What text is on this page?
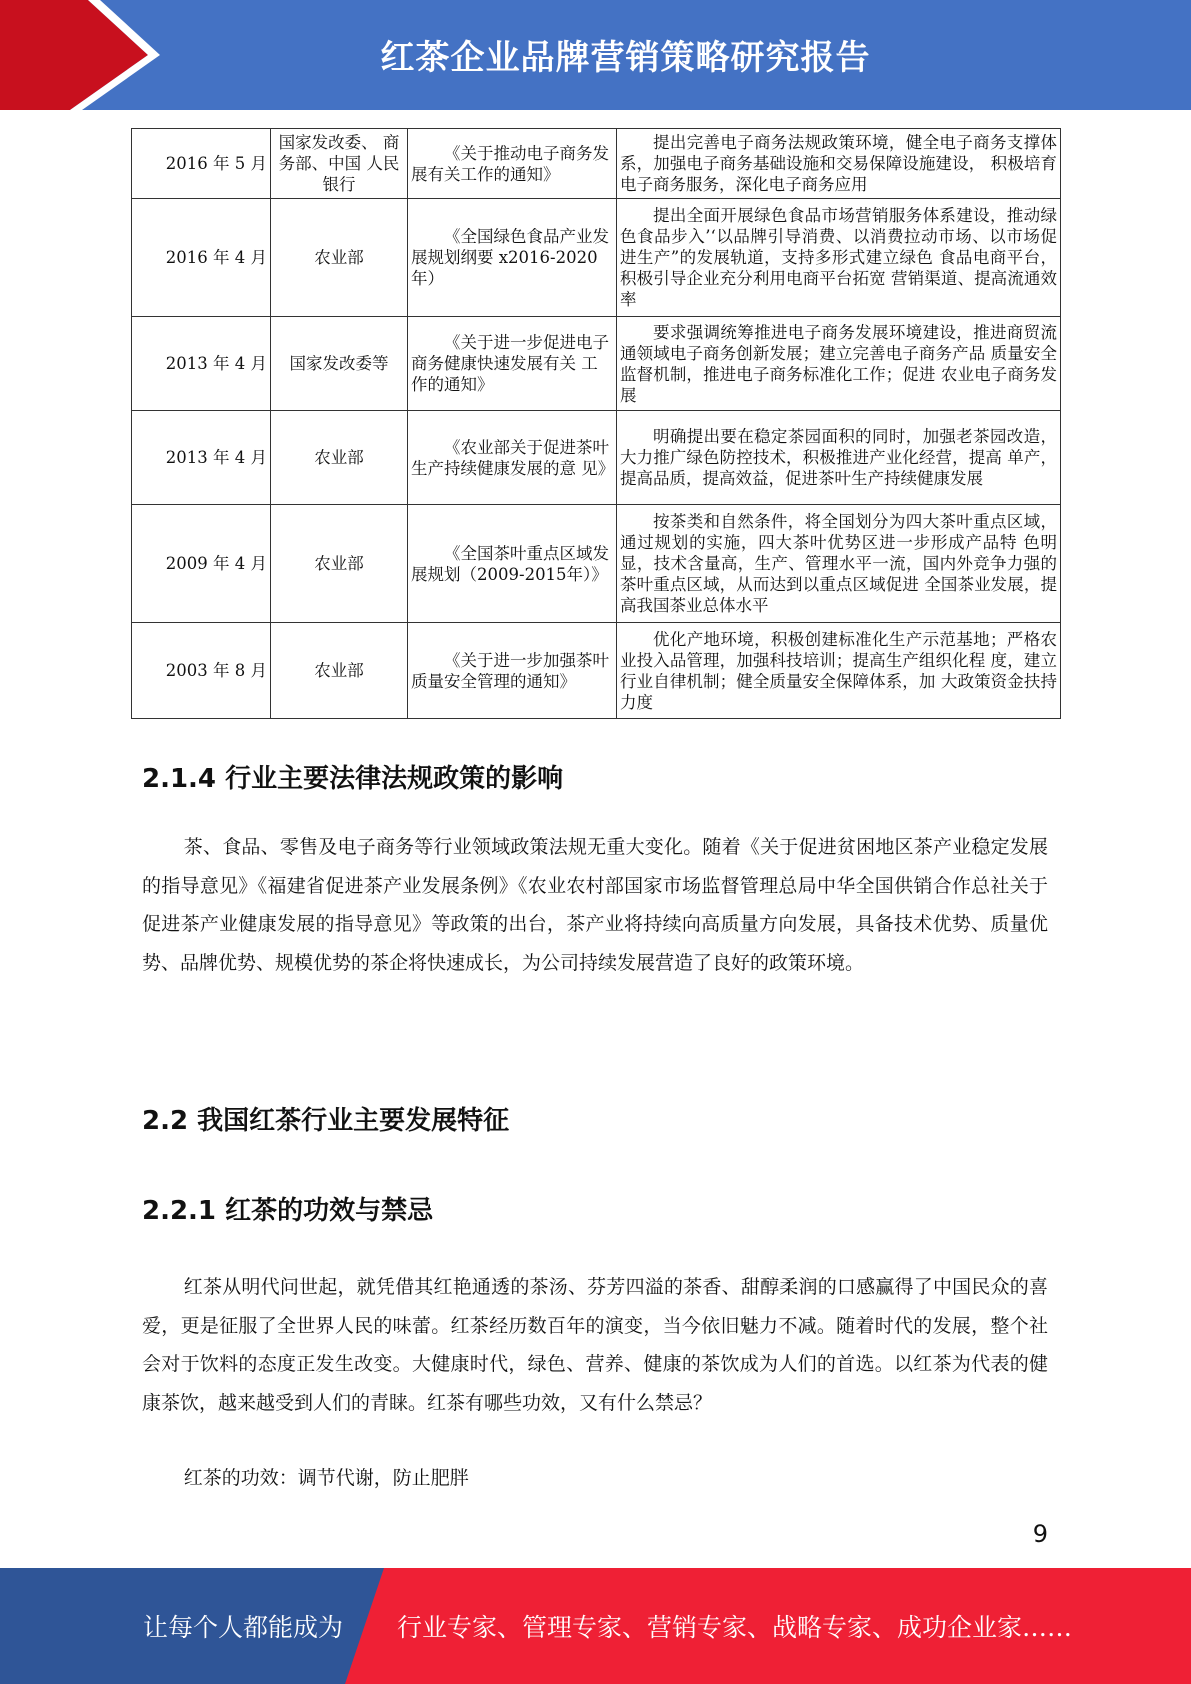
红茶企业品牌营销策略研究报告
2016 年 5 月	国家发改委、 商务部、中国 人民银行	《关于推动电子商务发 展有关工作的通知》	提出完善电子商务法规政策环境，健全电子商务支撑体系，加强电子商务基础设施和交易保障设施建设， 积极培育电子商务服务，深化电子商务应用
2016 年 4 月	农业部	《全国绿色食品产业发 展规划纲要 x2016-2020 年）	提出全面开展绿色食品市场营销服务体系建设，推动绿色食品步入’‘以品牌引导消费、以消费拉动市场、以市场促进生产”的发展轨道，支持多形式建立绿色 食品电商平台，积极引导企业充分利用电商平台拓宽 营销渠道、提高流通效率
2013 年 4 月	国家发改委等	《关于进一步促进电子 商务健康快速发展有关 工作的通知》	要求强调统筹推进电子商务发展环境建设，推进商贸流通领域电子商务创新发展；建立完善电子商务产品 质量安全监督机制，推进电子商务标准化工作；促进 农业电子商务发展
2013 年 4 月	农业部	《农业部关于促进茶叶 生产持续健康发展的意 见》	明确提出要在稳定茶园面积的同时，加强老茶园改造， 大力推广绿色防控技术，积极推进产业化经营，提高 单产，提高品质，提高效益，促进茶叶生产持续健康发展
2009 年 4 月	农业部	《全国茶叶重点区域发 展规划（2009-2015年）》	按茶类和自然条件，将全国划分为四大茶叶重点区域， 通过规划的实施，四大茶叶优势区进一步形成产品特 色明显，技术含量高，生产、管理水平一流，国内外竞争力强的茶叶重点区域，从而达到以重点区域促进 全国茶业发展，提高我国茶业总体水平
2003 年 8 月	农业部	《关于进一步加强茶叶 质量安全管理的通知》	优化产地环境，积极创建标准化生产示范基地；严格农业投入品管理，加强科技培训；提高生产组织化程 度，建立行业自律机制；健全质量安全保障体系，加 大政策资金扶持力度
2.1.4 行业主要法律法规政策的影响

茶、食品、零售及电子商务等行业领域政策法规无重大变化。随着《关于促进贫困地区茶产业稳定发展的指导意见》《福建省促进茶产业发展条例》《农业农村部国家市场监督管理总局中华全国供销合作总社关于促进茶产业健康发展的指导意见》等政策的出台，茶产业将持续向高质量方向发展，具备技术优势、质量优势、品牌优势、规模优势的茶企将快速成长，为公司持续发展营造了良好的政策环境。

2.2 我国红茶行业主要发展特征
2.2.1 红茶的功效与禁忌

红茶从明代问世起，就凭借其红艳通透的茶汤、芬芳四溢的茶香、甜醇柔润的口感赢得了中国民众的喜爱，更是征服了全世界人民的味蕾。红茶经历数百年的演变，当今依旧魅力不减。随着时代的发展，整个社会对于饮料的态度正发生改变。大健康时代，绿色、营养、健康的茶饮成为人们的首选。以红茶为代表的健康茶饮，越来越受到人们的青睐。红茶有哪些功效，又有什么禁忌？

红茶的功效：调节代谢，防止肥胖

9
让每个人都能成为 行业专家、管理专家、营销专家、战略专家、成功企业家……
